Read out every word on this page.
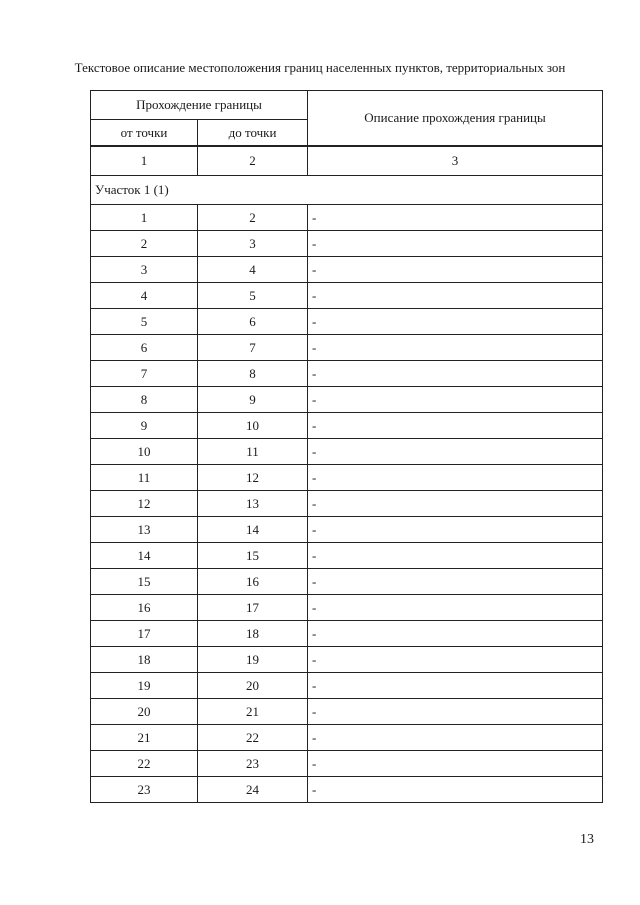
Текстовое описание местоположения границ населенных пунктов, территориальных зон
Прохождение границы		Описание прохождения границы
от точки	до точки	
1	2	3
Участок 1 (1)		
1	2	-
2	3	-
3	4	-
4	5	-
5	6	-
6	7	-
7	8	-
8	9	-
9	10	-
10	11	-
11	12	-
12	13	-
13	14	-
14	15	-
15	16	-
16	17	-
17	18	-
18	19	-
19	20	-
20	21	-
21	22	-
22	23	-
23	24	-
13
